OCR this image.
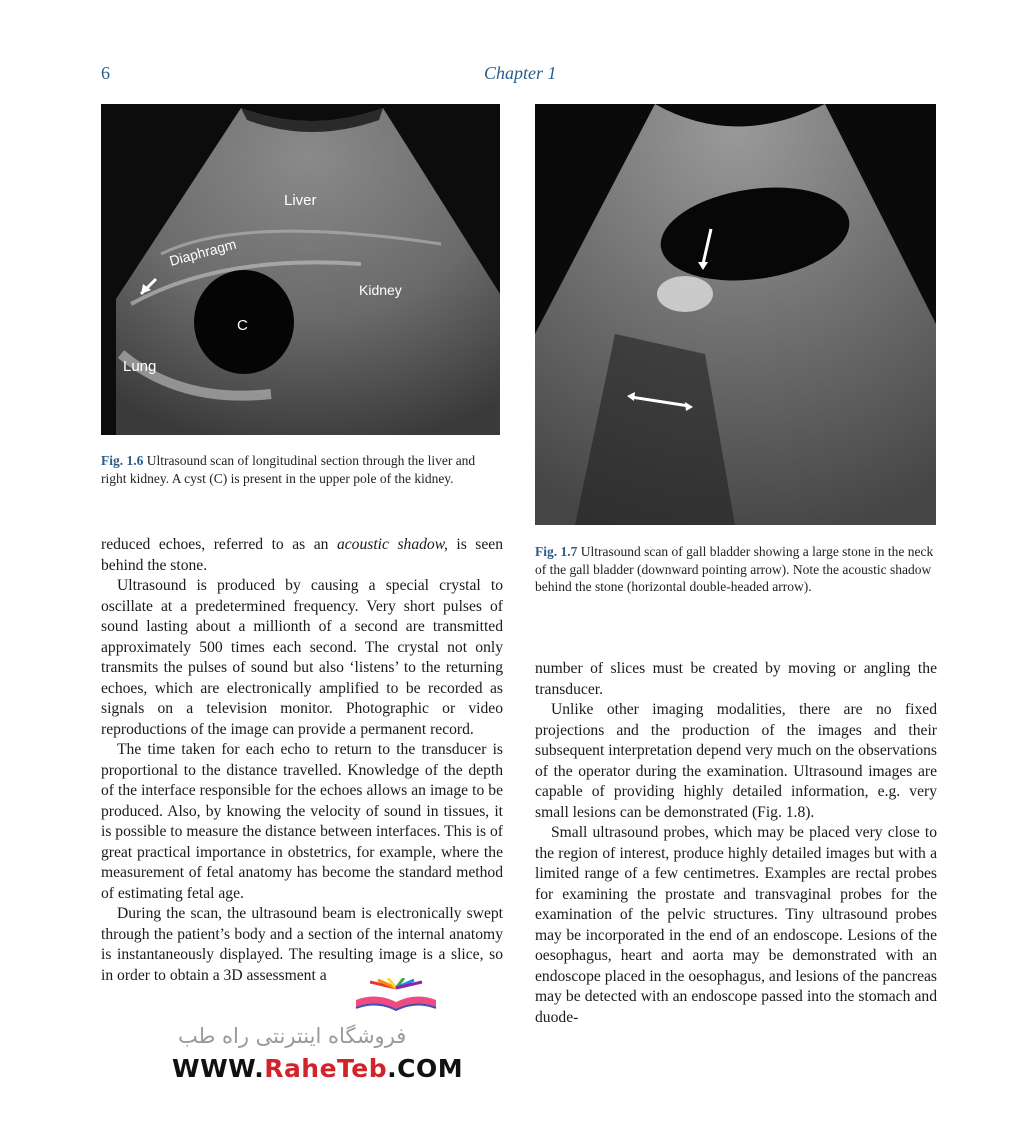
6	Chapter 1
Liver
Diaphragm
Kidney
C
Lung
Fig. 1.6 Ultrasound scan of longitudinal section through the liver and right kidney. A cyst (C) is present in the upper pole of the kidney.
Fig. 1.7 Ultrasound scan of gall bladder showing a large stone in the neck of the gall bladder (downward pointing arrow). Note the acoustic shadow behind the stone (horizontal double-headed arrow).

reduced echoes, referred to as an acoustic shadow, is seen behind the stone.

Ultrasound is produced by causing a special crystal to oscillate at a predetermined frequency. Very short pulses of sound lasting about a millionth of a second are transmitted approximately 500 times each second. The crystal not only transmits the pulses of sound but also ‘listens’ to the returning echoes, which are electronically amplified to be recorded as signals on a television monitor. Photographic or video reproductions of the image can provide a permanent record.

The time taken for each echo to return to the transducer is proportional to the distance travelled. Knowledge of the depth of the interface responsible for the echoes allows an image to be produced. Also, by knowing the velocity of sound in tissues, it is possible to measure the distance between interfaces. This is of great practical importance in obstetrics, for example, where the measurement of fetal anatomy has become the standard method of estimating fetal age.

During the scan, the ultrasound beam is electronically swept through the patient’s body and a section of the internal anatomy is instantaneously displayed. The resulting image is a slice, so in order to obtain a 3D assessment a

number of slices must be created by moving or angling the transducer.

Unlike other imaging modalities, there are no fixed projections and the production of the images and their subsequent interpretation depend very much on the observations of the operator during the examination. Ultrasound images are capable of providing highly detailed information, e.g. very small lesions can be demonstrated (Fig. 1.8).

Small ultrasound probes, which may be placed very close to the region of interest, produce highly detailed images but with a limited range of a few centimetres. Examples are rectal probes for examining the prostate and transvaginal probes for the examination of the pelvic structures. Tiny ultrasound probes may be incorporated in the end of an endoscope. Lesions of the oesophagus, heart and aorta may be demonstrated with an endoscope placed in the oesophagus, and lesions of the pancreas may be detected with an endoscope passed into the stomach and duode-

فروشگاه اینترنتی راه طب
WWW.RaheTeb.COM
